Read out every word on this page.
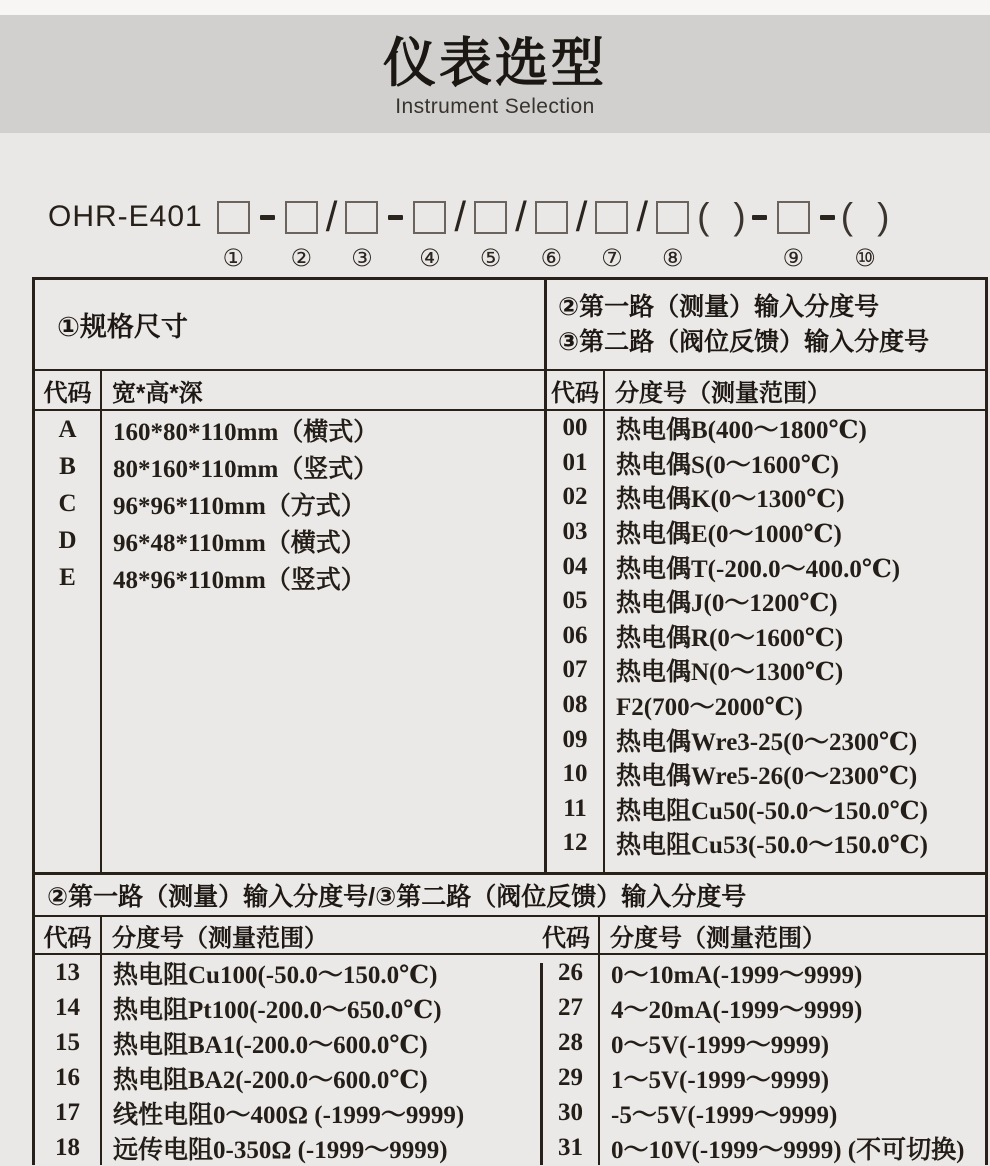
仪表选型
Instrument Selection
OHR-E401
① ②
/
③ ④
/
⑤
/
⑥
/
⑦
/
⑧
( )
⑨
( )
⑩
①规格尺寸
②第一路（测量）输入分度号
③第二路（阀位反馈）输入分度号
代码 宽*高*深	代码 分度号（测量范围）
A	160*80*110mm（横式）
B	80*160*110mm（竖式）
C	96*96*110mm（方式）
D	96*48*110mm（横式）
E	48*96*110mm（竖式）
00	热电偶B(400～1800℃)
01	热电偶S(0～1600℃)
02	热电偶K(0～1300℃)
03	热电偶E(0～1000℃)
04	热电偶T(-200.0～400.0℃)
05	热电偶J(0～1200℃)
06	热电偶R(0～1600℃)
07	热电偶N(0～1300℃)
08	F2(700～2000℃)
09	热电偶Wre3-25(0～2300℃)
10	热电偶Wre5-26(0～2300℃)
11	热电阻Cu50(-50.0～150.0℃)
12	热电阻Cu53(-50.0～150.0℃)
②第一路（测量）输入分度号/③第二路（阀位反馈）输入分度号
代码 分度号（测量范围）	代码 分度号（测量范围）
13	热电阻Cu100(-50.0～150.0℃)
14	热电阻Pt100(-200.0～650.0℃)
15	热电阻BA1(-200.0～600.0℃)
16	热电阻BA2(-200.0～600.0℃)
17	线性电阻0～400Ω (-1999～9999)
18	远传电阻0-350Ω (-1999～9999)
26	0～10mA(-1999～9999)
27	4～20mA(-1999～9999)
28	0～5V(-1999～9999)
29	1～5V(-1999～9999)
30	-5～5V(-1999～9999)
31	0～10V(-1999～9999) (不可切换)
